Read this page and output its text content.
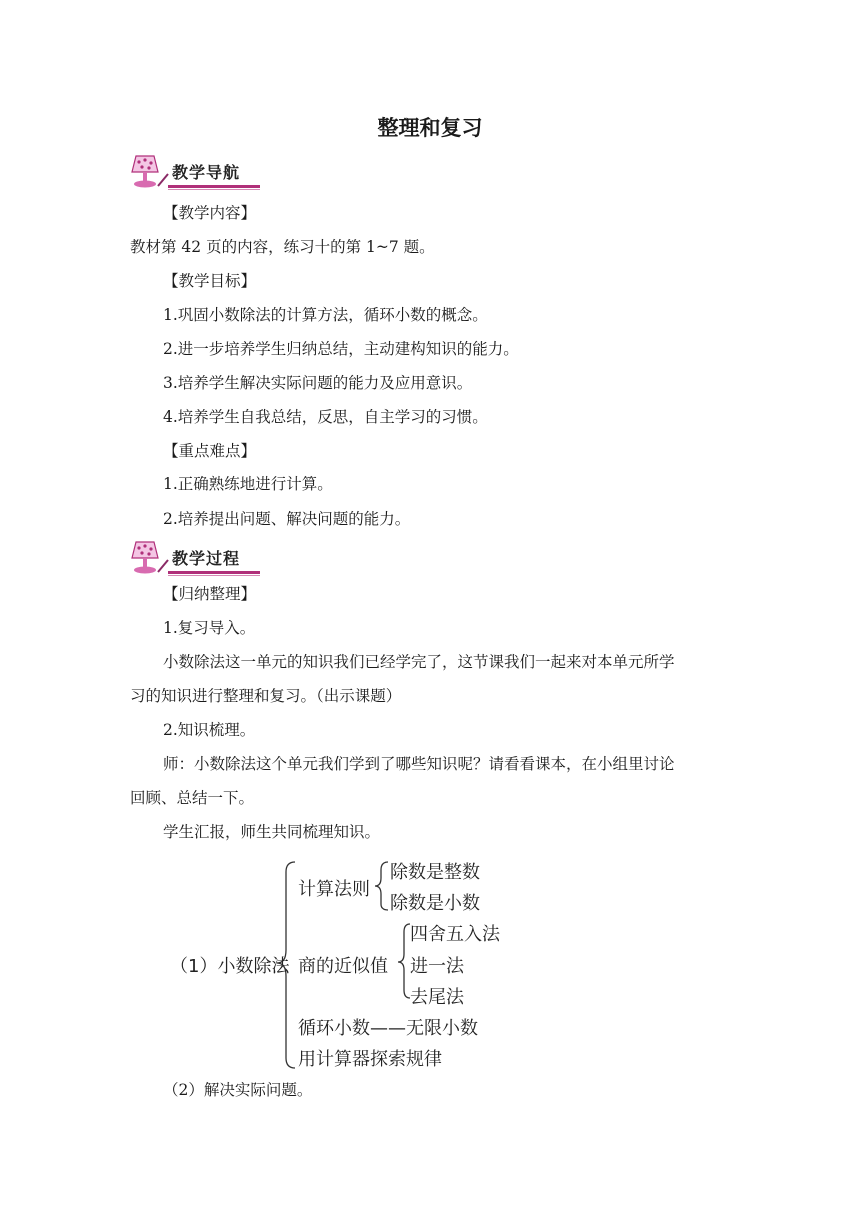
整理和复习
教学导航
【教学内容】
教材第 42 页的内容，练习十的第 1~7 题。
【教学目标】
1.巩固小数除法的计算方法，循环小数的概念。
2.进一步培养学生归纳总结，主动建构知识的能力。
3.培养学生解决实际问题的能力及应用意识。
4.培养学生自我总结，反思，自主学习的习惯。
【重点难点】
1.正确熟练地进行计算。
2.培养提出问题、解决问题的能力。
教学过程
【归纳整理】
1.复习导入。
小数除法这一单元的知识我们已经学完了，这节课我们一起来对本单元所学
习的知识进行整理和复习。（出示课题）
2.知识梳理。
师：小数除法这个单元我们学到了哪些知识呢？请看看课本，在小组里讨论
回顾、总结一下。
学生汇报，师生共同梳理知识。
（1）小数除法
计算法则
除数是整数
除数是小数
商的近似值
四舍五入法
进一法
去尾法
循环小数——无限小数
用计算器探索规律
（2）解决实际问题。
